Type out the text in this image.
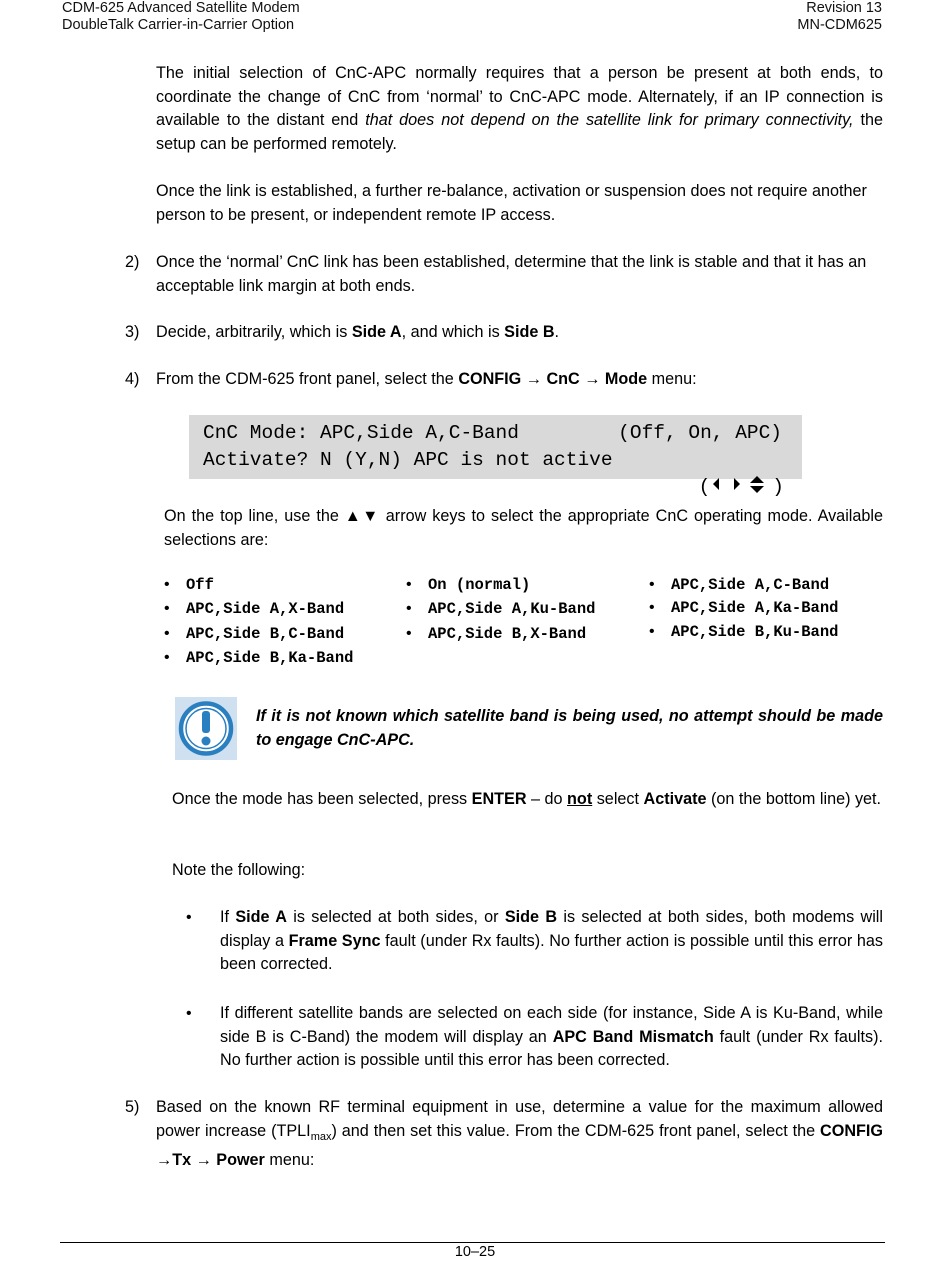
CDM-625 Advanced Satellite Modem
DoubleTalk Carrier-in-Carrier Option
Revision 13
MN-CDM625
The initial selection of CnC-APC normally requires that a person be present at both ends, to coordinate the change of CnC from ‘normal’ to CnC-APC mode. Alternately, if an IP connection is available to the distant end that does not depend on the satellite link for primary connectivity, the setup can be performed remotely.
Once the link is established, a further re-balance, activation or suspension does not require another person to be present, or independent remote IP access.
2) Once the ‘normal’ CnC link has been established, determine that the link is stable and that it has an acceptable link margin at both ends.
3) Decide, arbitrarily, which is Side A, and which is Side B.
4) From the CDM-625 front panel, select the CONFIG → CnC → Mode menu:
CnC Mode: APC,Side A,C-Band	(Off, On, APC)
Activate? N (Y,N) APC is not active

(	)

On the top line, use the ▲▼ arrow keys to select the appropriate CnC operating mode. Available selections are:
• Off
• APC,Side A,X-Band
• APC,Side B,C-Band
• APC,Side B,Ka-Band
• On (normal)
• APC,Side A,Ku-Band
• APC,Side B,X-Band
• APC,Side A,C-Band
• APC,Side A,Ka-Band
• APC,Side B,Ku-Band
If it is not known which satellite band is being used, no attempt should be made to engage CnC-APC.
Once the mode has been selected, press ENTER – do not select Activate (on the bottom line) yet.
Note the following:
• If Side A is selected at both sides, or Side B is selected at both sides, both modems will display a Frame Sync fault (under Rx faults). No further action is possible until this error has been corrected.
• If different satellite bands are selected on each side (for instance, Side A is Ku-Band, while side B is C-Band) the modem will display an APC Band Mismatch fault (under Rx faults). No further action is possible until this error has been corrected.
5) Based on the known RF terminal equipment in use, determine a value for the maximum allowed power increase $(TPLI_{max})$ and then set this value. From the CDM-625 front panel, select the CONFIG →Tx → Power menu:
10–25
